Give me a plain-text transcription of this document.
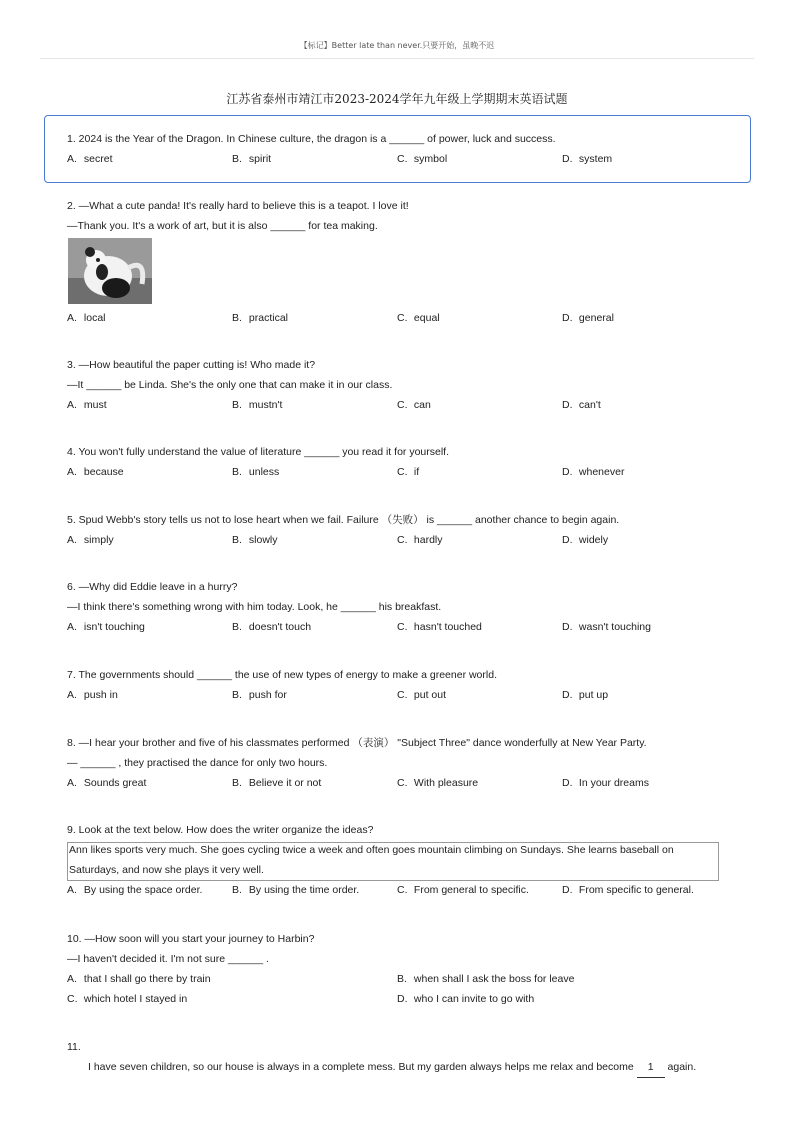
【标记】Better late than never.只要开始，虽晚不迟
江苏省泰州市靖江市2023-2024学年九年级上学期期末英语试题
1. 2024 is the Year of the Dragon. In Chinese culture, the dragon is a ______ of power, luck and success.
A. secret	B. spirit	C. symbol	D. system
2. —What a cute panda! It's really hard to believe this is a teapot. I love it!
—Thank you. It's a work of art, but it is also ______ for tea making.
A. local	B. practical	C. equal	D. general
3. —How beautiful the paper cutting is! Who made it?
—It ______ be Linda. She's the only one that can make it in our class.
A. must	B. mustn't	C. can	D. can't
4. You won't fully understand the value of literature ______ you read it for yourself.
A. because	B. unless	C. if	D. whenever
5. Spud Webb's story tells us not to lose heart when we fail. Failure （失败） is ______ another chance to begin again.
A. simply	B. slowly	C. hardly	D. widely
6. —Why did Eddie leave in a hurry?
—I think there's something wrong with him today. Look, he ______ his breakfast.
A. isn't touching	B. doesn't touch	C. hasn't touched	D. wasn't touching
7. The governments should ______ the use of new types of energy to make a greener world.
A. push in	B. push for	C. put out	D. put up
8. —I hear your brother and five of his classmates performed （表演） "Subject Three" dance wonderfully at New Year Party.
— ______ , they practised the dance for only two hours.
A. Sounds great	B. Believe it or not	C. With pleasure	D. In your dreams
9. Look at the text below. How does the writer organize the ideas?
Ann likes sports very much. She goes cycling twice a week and often goes mountain climbing on Sundays. She learns baseball on
Saturdays, and now she plays it very well.
A. By using the space order.	B. By using the time order.	C. From general to specific.	D. From specific to general.
10. —How soon will you start your journey to Harbin?
—I haven't decided it. I'm not sure ______ .
A. that I shall go there by train	B. when shall I ask the boss for leave
C. which hotel I stayed in	D. who I can invite to go with
11.
I have seven children, so our house is always in a complete mess. But my garden always helps me relax and become 1 again.
